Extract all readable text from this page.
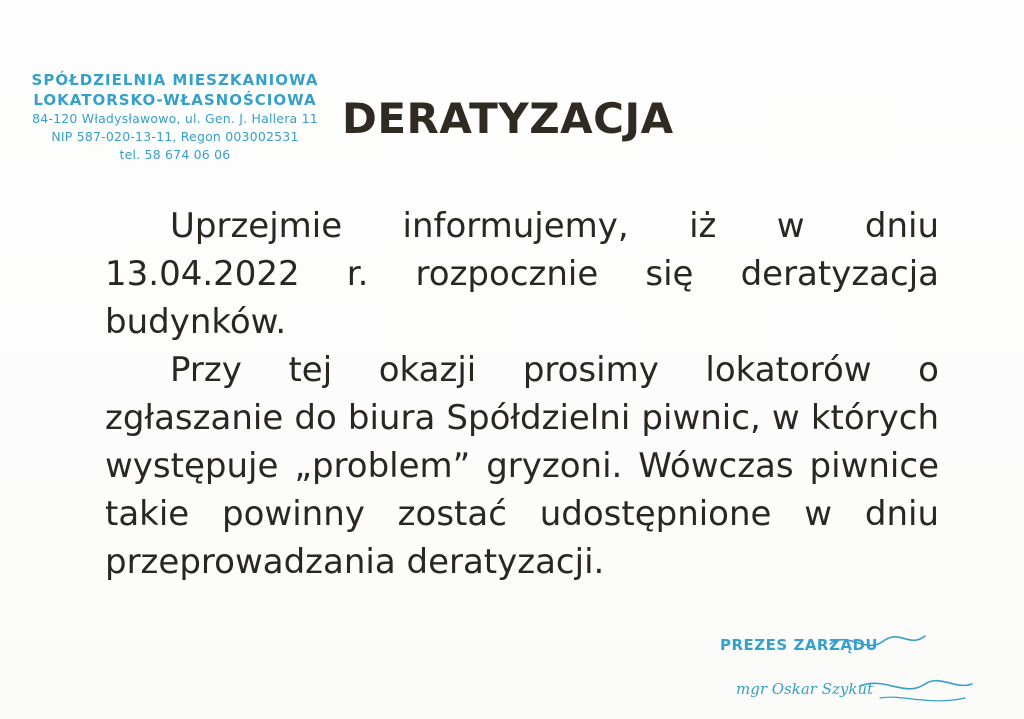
SPÓŁDZIELNIA MIESZKANIOWA
LOKATORSKO-WŁASNOŚCIOWA
84-120 Władysławowo, ul. Gen. J. Hallera 11
NIP 587-020-13-11, Regon 003002531
tel. 58 674 06 06
DERATYZACJA

Uprzejmie informujemy, iż w dniu 13.04.2022 r. rozpocznie się deratyzacja budynków.

Przy tej okazji prosimy lokatorów o zgłaszanie do biura Spółdzielni piwnic, w których występuje „problem” gryzoni. Wówczas piwnice takie powinny zostać udostępnione w dniu przeprowadzania deratyzacji.

PREZES ZARZĄDU
mgr Oskar Szykut
